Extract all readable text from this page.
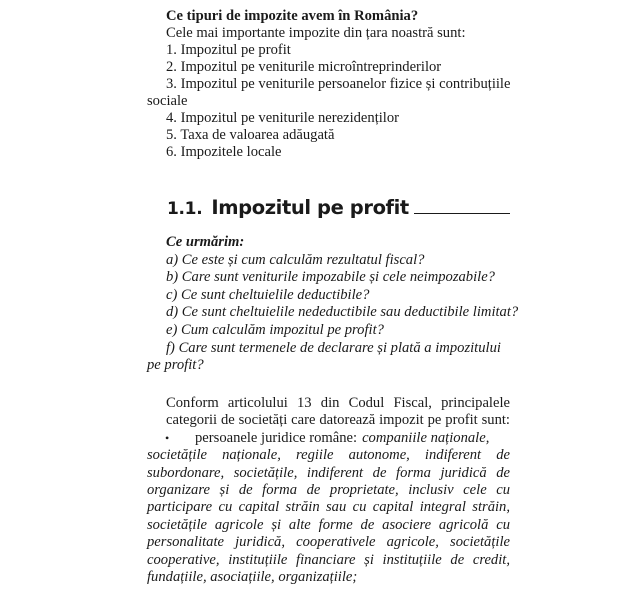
Ce tipuri de impozite avem în România?

Cele mai importante impozite din țara noastră sunt:

1. Impozitul pe profit

2. Impozitul pe veniturile microîntreprinderilor

3. Impozitul pe veniturile persoanelor fizice și contribuțiile

sociale

4. Impozitul pe veniturile nerezidenților

5. Taxa de valoarea adăugată

6. Impozitele locale

1.1. Impozitul pe profit

Ce urmărim:

a) Ce este și cum calculăm rezultatul fiscal?

b) Care sunt veniturile impozabile și cele neimpozabile?

c) Ce sunt cheltuielile deductibile?

d) Ce sunt cheltuielile nedeductibile sau deductibile limitat?

e) Cum calculăm impozitul pe profit?

f) Care sunt termenele de declarare și plată a impozitului

pe profit?

Conform articolului 13 din Codul Fiscal, principalele

categorii de societăți care datorează impozit pe profit sunt:

•	persoanele juridice române: companiile naționale,

societățile naționale, regiile autonome, indiferent de

subordonare, societățile, indiferent de forma juridică de

organizare și de forma de proprietate, inclusiv cele cu

participare cu capital străin sau cu capital integral străin,

societățile agricole și alte forme de asociere agricolă cu

personalitate juridică, cooperativele agricole, societățile

cooperative, instituțiile financiare și instituțiile de credit,

fundațiile, asociațiile, organizațiile;
